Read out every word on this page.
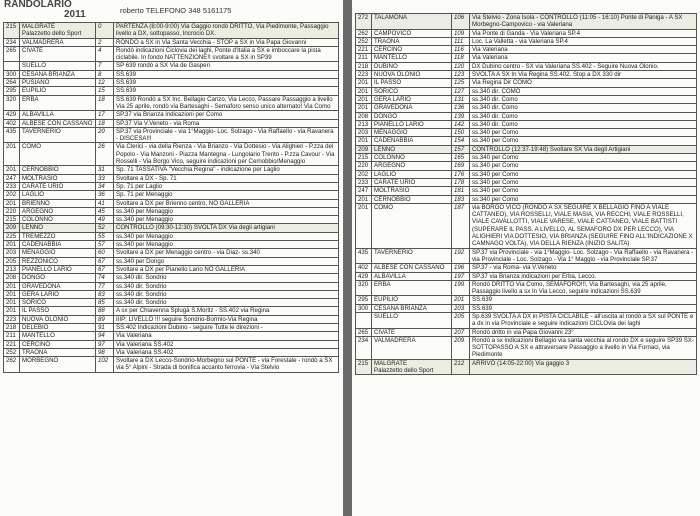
RANDOLARIO
2011	roberto TELEFONO 348 5161175
215	MALGRATE
Palazzetto dello Sport	0	PARTENZA (8:00-9:00) Via Gaggio rondò DRITTO, Via Piedimonte, Passaggio livello a DX, sottopasso, Incrocio DX.
234	VALMADRERA	2	RONDÒ a SX in Via Santa Vecchia - STOP a SX in Via Papa Giovanni
265	CIVATE	4	Rondò indicazioni Ciclovia dei laghi, Ponte d'Italia a SX e imboccare la pista ciclabile. In fondo NATTENZIONE!! svoltare a SX in SP39
	SUELLO	7	SP 639 rondò a SX Via de Gasperi
300	CESANA BRIANZA	8	SS.639
264	PUSIANO	12	SS.639
295	EUPILIO	15	SS.639
320	ERBA	18	SS.639 Rondò a SX Inc. Bellagio Canzo, Via Lecco, Passare Passaggio a livello Via 25 aprile, rondò via Bartesaghi - Semaforo senso unico alternato! Via Como
429	ALBAVILLA	17	SP.37 via Brianza indicazioni per Como
402	ALBESE CON CASSANO	18	SP.37 Via V.Veneto - via Roma
435	TAVERNERIO	20	SP.37 via Provinciale - via 1°Maggio- Loc. Solzago - Via Raffaello - via Ravanera - DISCESA!!!
201	COMO	26	Via Clerici - via della Rienza - Via Brianzo - Via Dottesio - Via Alighieri - P.zza del Popolo - Via Manzoni - Piazza Mantegna - Lungolario Trento - P.zza Cavour - Via Rosselli - Via Borgo Vico, seguire indicazioni per Cernobbio/Menaggio
201	CERNOBBIO	31	Sp. 71 TASSATIVA "Vecchia Regina" - indicazione per Laglio
247	MOLTRASIO	33	Svoltare a DX - Sp. 71
233	CARATE URIO	34	Sp. 71 per Laglio
202	LAGLIO	36	Sp. 71 per Menaggio
201	BRIENNO	41	Svoltare a DX per Brienno centro, NO GALLERIA
220	ARGEGNO	45	ss.340 per Menaggio
215	COLONNO	49	ss.340 per Menaggio
209	LENNO	52	CONTROLLO (09:30-12:30) SVOLTA DX Via degli artigiani
225	TREMEZZO	55	ss.340 per Menaggio
201	CADENABBIA	57	ss.340 per Menaggio
203	MENAGGIO	60	Svoltare a DX per Menaggio centro - via Diaz- ss.340
205	REZZONICO	67	ss.340 per Dongo
213	PIANELLO LARIO	67	Svoltare a DX per Pianello Lario NO GALLERIA
208	DONGO	74	ss.340 dir. Sondrio
201	GRAVEDONA	77	ss.340 dir. Sondrio
201	GERA LARIO	83	ss.340 dir. Sondrio
201	SORICO	85	ss.340 dir. Sondrio
201	IL PASSO	88	A sx per Chiavenna Splugà S.Moritz - SS.402 via Regina
223	NUOVA OLONIO	89	IIIP: LIVELLO !!! seguire Sondrio-Bormio-Via Regina
218	DELEBIO	91	SS.402 Indicazioni Dubino - seguire Tutte le direzioni -
211	MANTELLO	94	Via Valeriana
221	CERCINO	97	Via Valeriana SS.402
252	TRAONA	98	Via Valeriana SS.402
262	MORBEGNO	102	Svoltare a DX Lecco-Sondrio-Morbegno sul PONTE - via Forestale - rondò a SX via 5° Alpini - Strada di bonifica accanto ferrovia - Via Stelvio
272	TALAMONA	106	Via Stelvio - Zona Isola - CONTROLLO (11:05 - 16:10) Ponte di Paniga - A SX Morbegno-Campovico - via Valeriana
262	CAMPOVICO	109	Via Ponte di Ganda - Via Valeriana SP.4
252	TRAONA	111	Loc. La Valletta - via Valeriana SP.4
221	CERCINO	116	Via Valeriana
211	MANTELLO	118	Via Valeriana
218	DUBINO	120	DX Dubino centro - SX via Valeriana SS.402 - Seguire Nuova Olonio.
223	NUOVA OLONIO	123	SVOLTA A SX In Via Regina SS.402. Stop a DX 330 dir
201	IL PASSO	125	Via Regina Dir COMO
201	SORICO	127	ss.340 dir. COMO
201	GERA LARIO	131	ss.340 dir. Como
201	GRAVEDONA	136	ss.340 dir. Como
208	DONGO	139	ss.340 dir. Como
213	PIANELLO LARIO	142	ss.340 dir. Como
203	MENAGGIO	150	ss.340 per Como
201	CADENABBIA	154	ss.340 per Como
209	LENNO	157	CONTROLLO (12:37-19:48) Svoltare SX Via degli Artigiani
215	COLONNO	165	ss.340 per Como
220	ARGEGNO	169	ss.340 per Como
202	LAGLIO	176	ss.340 per Como
233	CARATE URIO	178	ss.340 per Como
247	MOLTRASIO	181	ss.340 per Como
201	CERNOBBIO	183	ss.340 per Como
201	COMO	187	via BORGO VICO (RONDÒ A SX SEGUIRE X BELLAGIO FINO A VIALE CATTANEO), VIA ROSSELLI, VIALE MASIA, VIA RECCHI, VIALE ROSSELLI, VIALE CAVALLOTTI, VIALE VARESE, VIALE CATTANEO, VIALE BATTISTI (SUPERARE IL PASS. A LIVELLO, AL SEMAFORO DX PER LECCO), VIA ALIGHIERI VIA DOTTESIO, VIA BRIANZA (SEGUIRE FINO ALL'INDICAZIONE X CAMNAGO VOLTA), VIA DELLA RIENZA (INIZIO SALITA)
435	TAVERNERIO	192	SP.37 via Provinciale - via 1°Maggio- Loc. Solzago - Via Raffaello - via Ravanera - via Provinciale - Loc. Solzago - Via 1° Maggio - via Provinciale SP.37
402	ALBESE CON CASSANO	196	SP.37 - via Roma- via V.Veneto
429	ALBAVILLA	197	SP.37 via Brianza indicazioni per Erba, Lecco.
320	ERBA	199	Rondò DRITTO Via Como, SEMAFORO!!!, Via Bartesaghi, via 25 aprile, Passaggio livello a sx In Via Lecco, seguire indicazioni SS.639
295	EUPILIO	201	SS.639
300	CESANA BRIANZA	203	SS.639
	SUELLO	205	Sp.639 SVOLTA A DX in PISTA CICLABILE - all'uscita al rondò a SX sul PONTE e a dx in via Provinciale e seguire indicazioni CICLOvia dei laghi
265	CIVATE	207	Rondò dritto in via Papa Giovanni 23°
234	VALMADRERA	209	Rondò a sx indicazioni Bellagio via santa vecchia al rondo DX e seguire SP39 SX- SOTTOPASSO A SX e attraversare Passaggio a livello in Via Fornaci, via Piedimonte
215	MALGRATE
Palazzetto dello Sport	212	ARRIVO (14:05-22:00) Via gaggio 3
